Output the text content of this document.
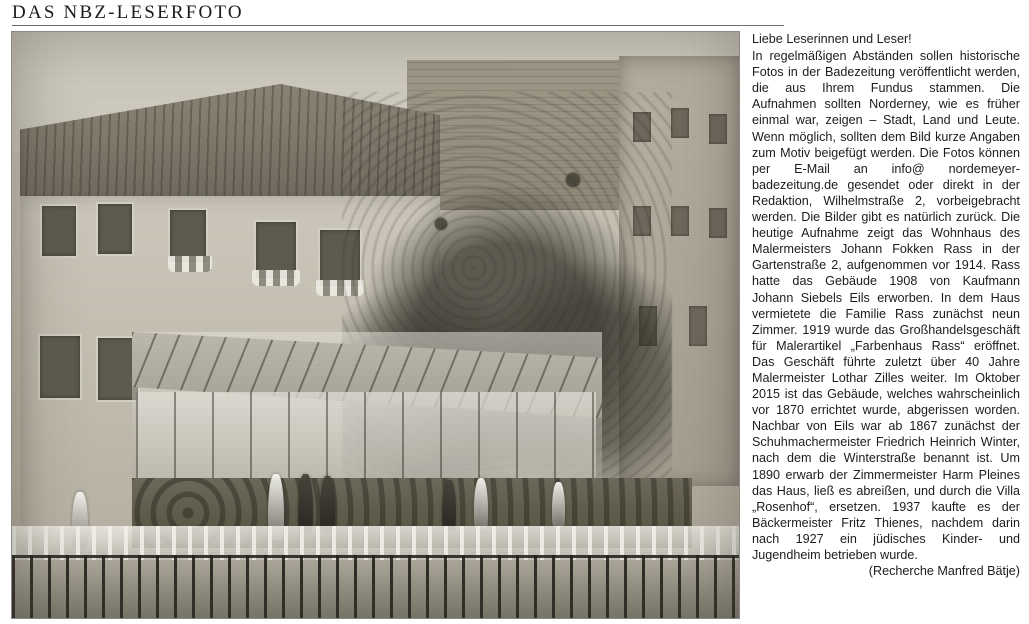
DAS NBZ-LESERFOTO

Liebe Leserinnen und Leser!

In regelmäßigen Abständen sollen historische Fotos in der Badezeitung veröffentlicht werden, die aus Ihrem Fundus stammen. Die Aufnahmen sollten Norderney, wie es früher einmal war, zeigen – Stadt, Land und Leute. Wenn möglich, sollten dem Bild kurze Angaben zum Motiv beigefügt werden. Die Fotos können per E-Mail an info@ nordemeyer-badezeitung.de gesendet oder direkt in der Redaktion, Wilhelmstraße 2, vorbeigebracht werden. Die Bilder gibt es natürlich zurück. Die heutige Aufnahme zeigt das Wohnhaus des Malermeisters Johann Fokken Rass in der Gartenstraße 2, aufgenommen vor 1914. Rass hatte das Gebäude 1908 von Kaufmann Johann Siebels Eils erworben. In dem Haus vermietete die Familie Rass zunächst neun Zimmer. 1919 wurde das Großhandelsgeschäft für Malerartikel „Farbenhaus Rass“ eröffnet. Das Geschäft führte zuletzt über 40 Jahre Malermeister Lothar Zilles weiter. Im Oktober 2015 ist das Gebäude, welches wahrscheinlich vor 1870 errichtet wurde, abgerissen worden. Nachbar von Eils war ab 1867 zunächst der Schuhmachermeister Friedrich Heinrich Winter, nach dem die Winterstraße benannt ist. Um 1890 erwarb der Zimmermeister Harm Pleines das Haus, ließ es abreißen, und durch die Villa „Rosenhof“, ersetzen. 1937 kaufte es der Bäckermeister Fritz Thienes, nachdem darin nach 1927 ein jüdisches Kinder- und Jugendheim betrieben wurde.

(Recherche Manfred Bätje)
